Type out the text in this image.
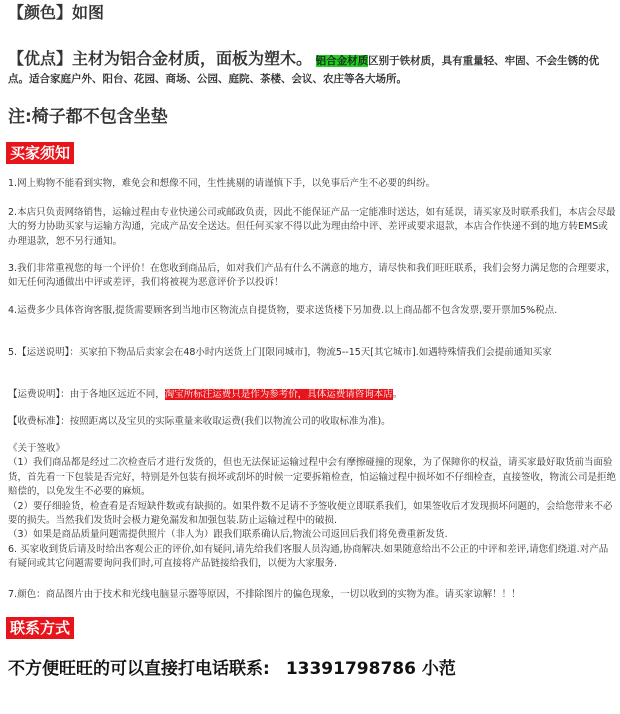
【颜色】如图
【优点】主材为铝合金材质，面板为塑木。 铝合金材质区别于铁材质，具有重量轻、牢固、不会生锈的优点。适合家庭户外、阳台、花园、商场、公园、庭院、茶楼、会议、农庄等各大场所。
注:椅子都不包含坐垫
买家须知
1.网上购物不能看到实物，难免会和想像不同，生性挑剔的请谨慎下手，以免事后产生不必要的纠纷。
2.本店只负责网络销售，运输过程由专业快递公司或邮政负责，因此不能保证产品一定能准时送达，如有延误，请买家及时联系我们，本店会尽最大的努力协助买家与运输方沟通，完成产品安全送达。但任何买家不得以此为理由给中评、差评或要求退款，本店合作快递不到的地方转EMS或办理退款，恕不另行通知。
3.我们非常重视您的每一个评价！在您收到商品后，如对我们产品有什么不满意的地方，请尽快和我们旺旺联系，我们会努力满足您的合理要求，如无任何沟通做出中评或差评，我们将被视为恶意评价予以投诉！
4.运费多少具体咨询客服,提货需要顾客到当地市区物流点自提货物，要求送货楼下另加费.以上商品都不包含发票,要开票加5%税点.
5.【运送说明】：买家拍下物品后卖家会在48小时内送货上门[限同城市]，物流5--15天[其它城市].如遇特殊情我们会提前通知买家
【运费说明】：由于各地区远近不同，淘宝所标注运费只是作为参考价，具体运费请咨询本店。
【收费标准】：按照距离以及宝贝的实际重量来收取运费(我们以物流公司的收取标准为准)。
《关于签收》
（1）我们商品都是经过二次检查后才进行发货的，但也无法保证运输过程中会有摩擦碰撞的现象，为了保障你的权益，请买家最好取货前当面验货，首先看一下包装是否完好，特别是外包装有损坏或刮坏的时候一定要拆箱检查，怕运输过程中损坏如不仔细检查，直接签收，物流公司是拒绝赔偿的，以免发生不必要的麻烦。
（2）要仔细验货，检查看是否短缺件数或有缺损的。如果件数不足请不予签收便立即联系我们，如果签收后才发现损坏问题的，会给您带来不必要的损失。当然我们发货时会极力避免漏发和加强包装.防止运输过程中的破损.
（3）如果是商品质量问题需提供照片（非人为）跟我们联系确认后,物流公司返回后我们将免费重新发货.
6. 买家收到货后请及时给出客观公正的评价,如有疑问,请先给我们客服人员沟通,协商解决.如果随意给出不公正的中评和差评,请您们绕道.对产品有疑问或其它问题需要询问我们时,可直接将产品链接给我们，以便为大家服务.
7.颜色：商品图片由于技术和光线电脑显示器等原因，不排除图片的偏色现象，一切以收到的实物为准。请买家谅解！！！
联系方式
不方便旺旺的可以直接打电话联系: 13391798786 小范
